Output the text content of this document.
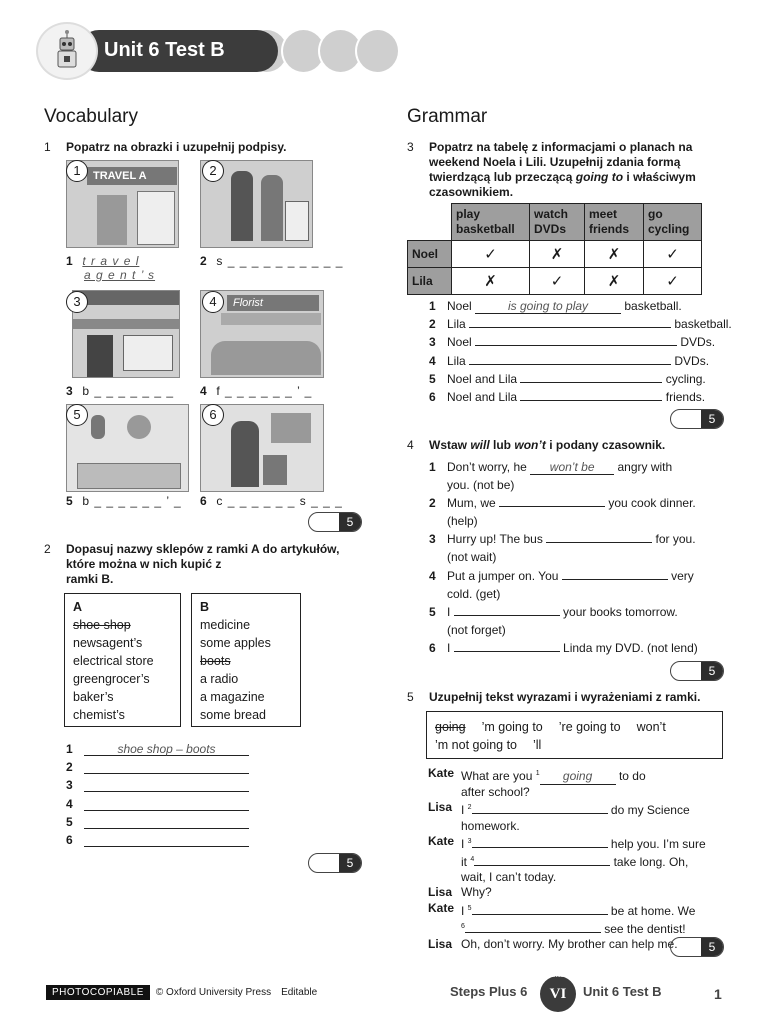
Unit 6 Test B
Vocabulary
1 Popatrz na obrazki i uzupełnij podpisy.
TRAVEL A
1	2
1 t r a v e l
a g e n t ’ s
2 s _ _ _ _ _ _ _ _ _ _
3	Florist
4
3 b _ _ _ _ _ _ _ 4 f _ _ _ _ _ _ ’ _
5	6
5 b _ _ _ _ _ _ ’ _ 6 c _ _ _ _ _ _ s _ _ _
5
2 Dopasuj nazwy sklepów z ramki A do artykułów,
które można w nich kupić z
ramki B.
A
shoe shop
newsagent’s
electrical store
greengrocer’s
baker’s
chemist’s
B
medicine
some apples
boots
a radio
a magazine
some bread
1	shoe shop – boots
2
3
4
5
6
5
Grammar
3 Popatrz na tabelę z informacjami o planach na
weekend Noela i Lili. Uzupełnij zdania formą
twierdzącą lub przeczącą going to i właściwym
czasownikiem.
	play basketball	watch DVDs	meet friends	go cycling
Noel	✓	✗	✗	✓
Lila	✗	✓	✗	✓
1 Noel	is going to play	basketball.
2 Lila	basketball.
3 Noel	DVDs.
4 Lila	DVDs.
5 Noel and Lila	cycling.
6 Noel and Lila	friends.
5
4 Wstaw will lub won’t i podany czasownik.
1 Don’t worry, he won’t be angry with
you. (not be)
2 Mum, we	you cook dinner.
(help)
3 Hurry up! The bus	for you.
(not wait)
4 Put a jumper on. You	very
cold. (get)
5 I	your books tomorrow.
(not forget)
6 I	Linda my DVD. (not lend)
5
5 Uzupełnij tekst wyrazami i wyrażeniami z ramki.
going ’m going to ’re going to won’t
’m not going to ’ll
Kate What are you $^1$ going to do
after school?
Lisa I $^2$	do my Science
homework.
Kate I $^3$	help you. I’m sure
it $^4$	take long. Oh,
wait, I can’t today.
Lisa Why?
Kate I $^5$	be at home. We
$^6$	see the dentist!
Lisa Oh, don’t worry. My brother can help me.	5
PHOTOCOPIABLE	© Oxford University Press Editable	Steps Plus 6
dla klasy
VI	Unit 6 Test B	1
